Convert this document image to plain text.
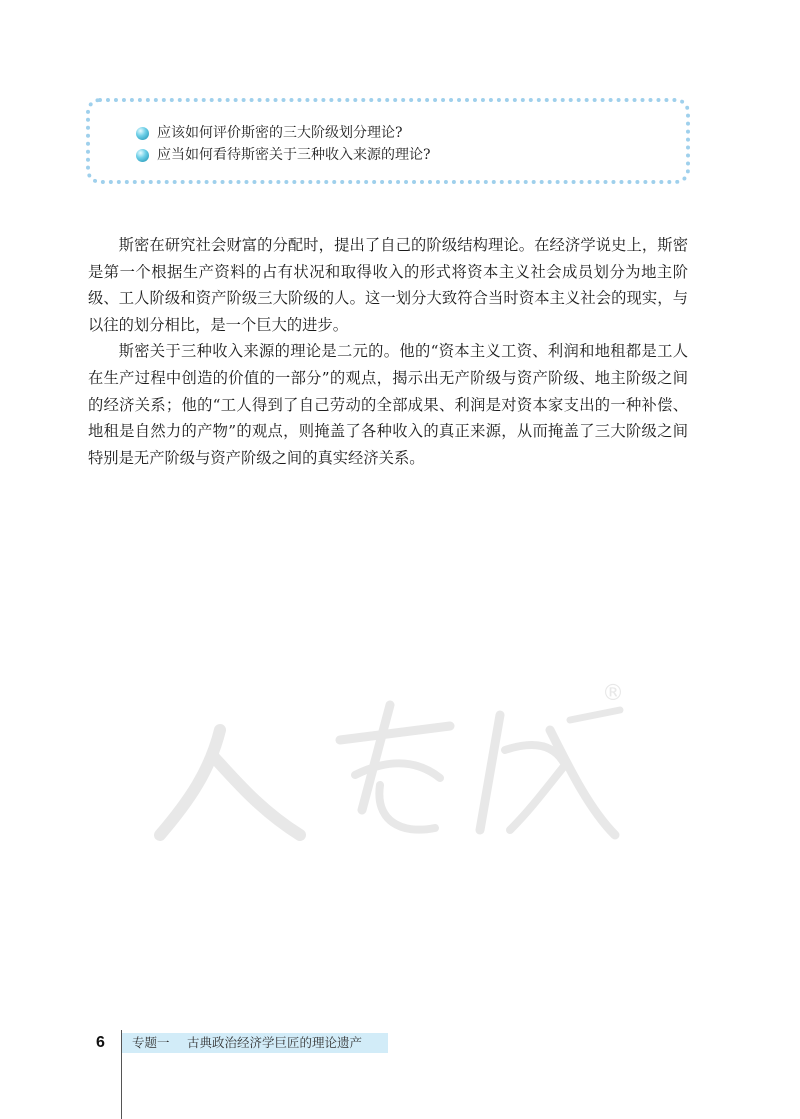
应该如何评价斯密的三大阶级划分理论?
应当如何看待斯密关于三种收入来源的理论?

斯密在研究社会财富的分配时，提出了自己的阶级结构理论。在经济学说史上，斯密是第一个根据生产资料的占有状况和取得收入的形式将资本主义社会成员划分为地主阶级、工人阶级和资产阶级三大阶级的人。这一划分大致符合当时资本主义社会的现实，与以往的划分相比，是一个巨大的进步。

斯密关于三种收入来源的理论是二元的。他的“资本主义工资、利润和地租都是工人在生产过程中创造的价值的一部分”的观点，揭示出无产阶级与资产阶级、地主阶级之间的经济关系；他的“工人得到了自己劳动的全部成果、利润是对资本家支出的一种补偿、地租是自然力的产物”的观点，则掩盖了各种收入的真正来源，从而掩盖了三大阶级之间特别是无产阶级与资产阶级之间的真实经济关系。

®
6	专题一 古典政治经济学巨匠的理论遗产
